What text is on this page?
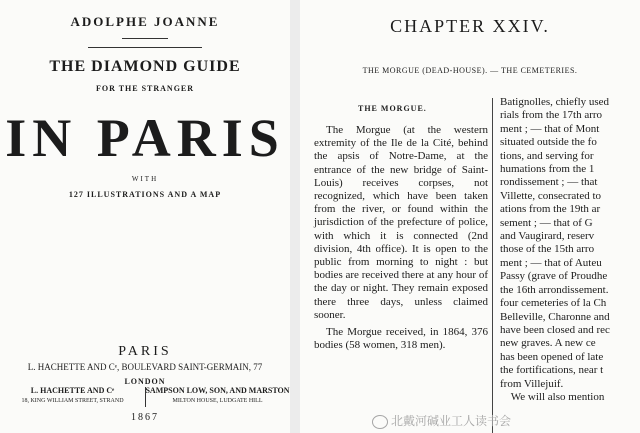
ADOLPHE JOANNE

THE DIAMOND GUIDE

FOR THE STRANGER

IN PARIS

WITH

127 ILLUSTRATIONS AND A MAP

PARIS

L. HACHETTE AND Cᵉ, BOULEVARD SAINT-GERMAIN, 77

LONDON

L. HACHETTE AND Cᵉ	SAMPSON LOW, SON, AND MARSTON
18, KING WILLIAM STREET, STRAND	MILTON HOUSE, LUDGATE HILL

1867

CHAPTER XXIV.

THE MORGUE (DEAD-HOUSE). — THE CEMETERIES.

THE MORGUE.

The Morgue (at the western extremity of the Ile de la Cité, behind the apsis of Notre-Dame, at the entrance of the new bridge of Saint-Louis) receives corpses, not recognized, which have been taken from the river, or found within the jurisdiction of the prefecture of police, with which it is connected (2nd division, 4th office). It is open to the public from morning to night : but bodies are received there at any hour of the day or night. They remain exposed there three days, unless claimed sooner.

The Morgue received, in 1864, 376 bodies (58 women, 318 men).

Batignolles, chiefly used
rials from the 17th arro
ment ; — that of Mont
situated outside the fo
tions, and serving for
humations from the 1
rondissement ; — that
Villette, consecrated to
ations from the 19th ar
sement ; — that of G
and Vaugirard, reserv
those of the 15th arro
ment ; — that of Auteu
Passy (grave of Proudhe
the 16th arrondissement.
four cemeteries of la Ch
Belleville, Charonne and
have been closed and rec
new graves. A new ce
has been opened of late
the fortifications, near t
from Villejuif.
We will also mention
北戴河碱业工人读书会
